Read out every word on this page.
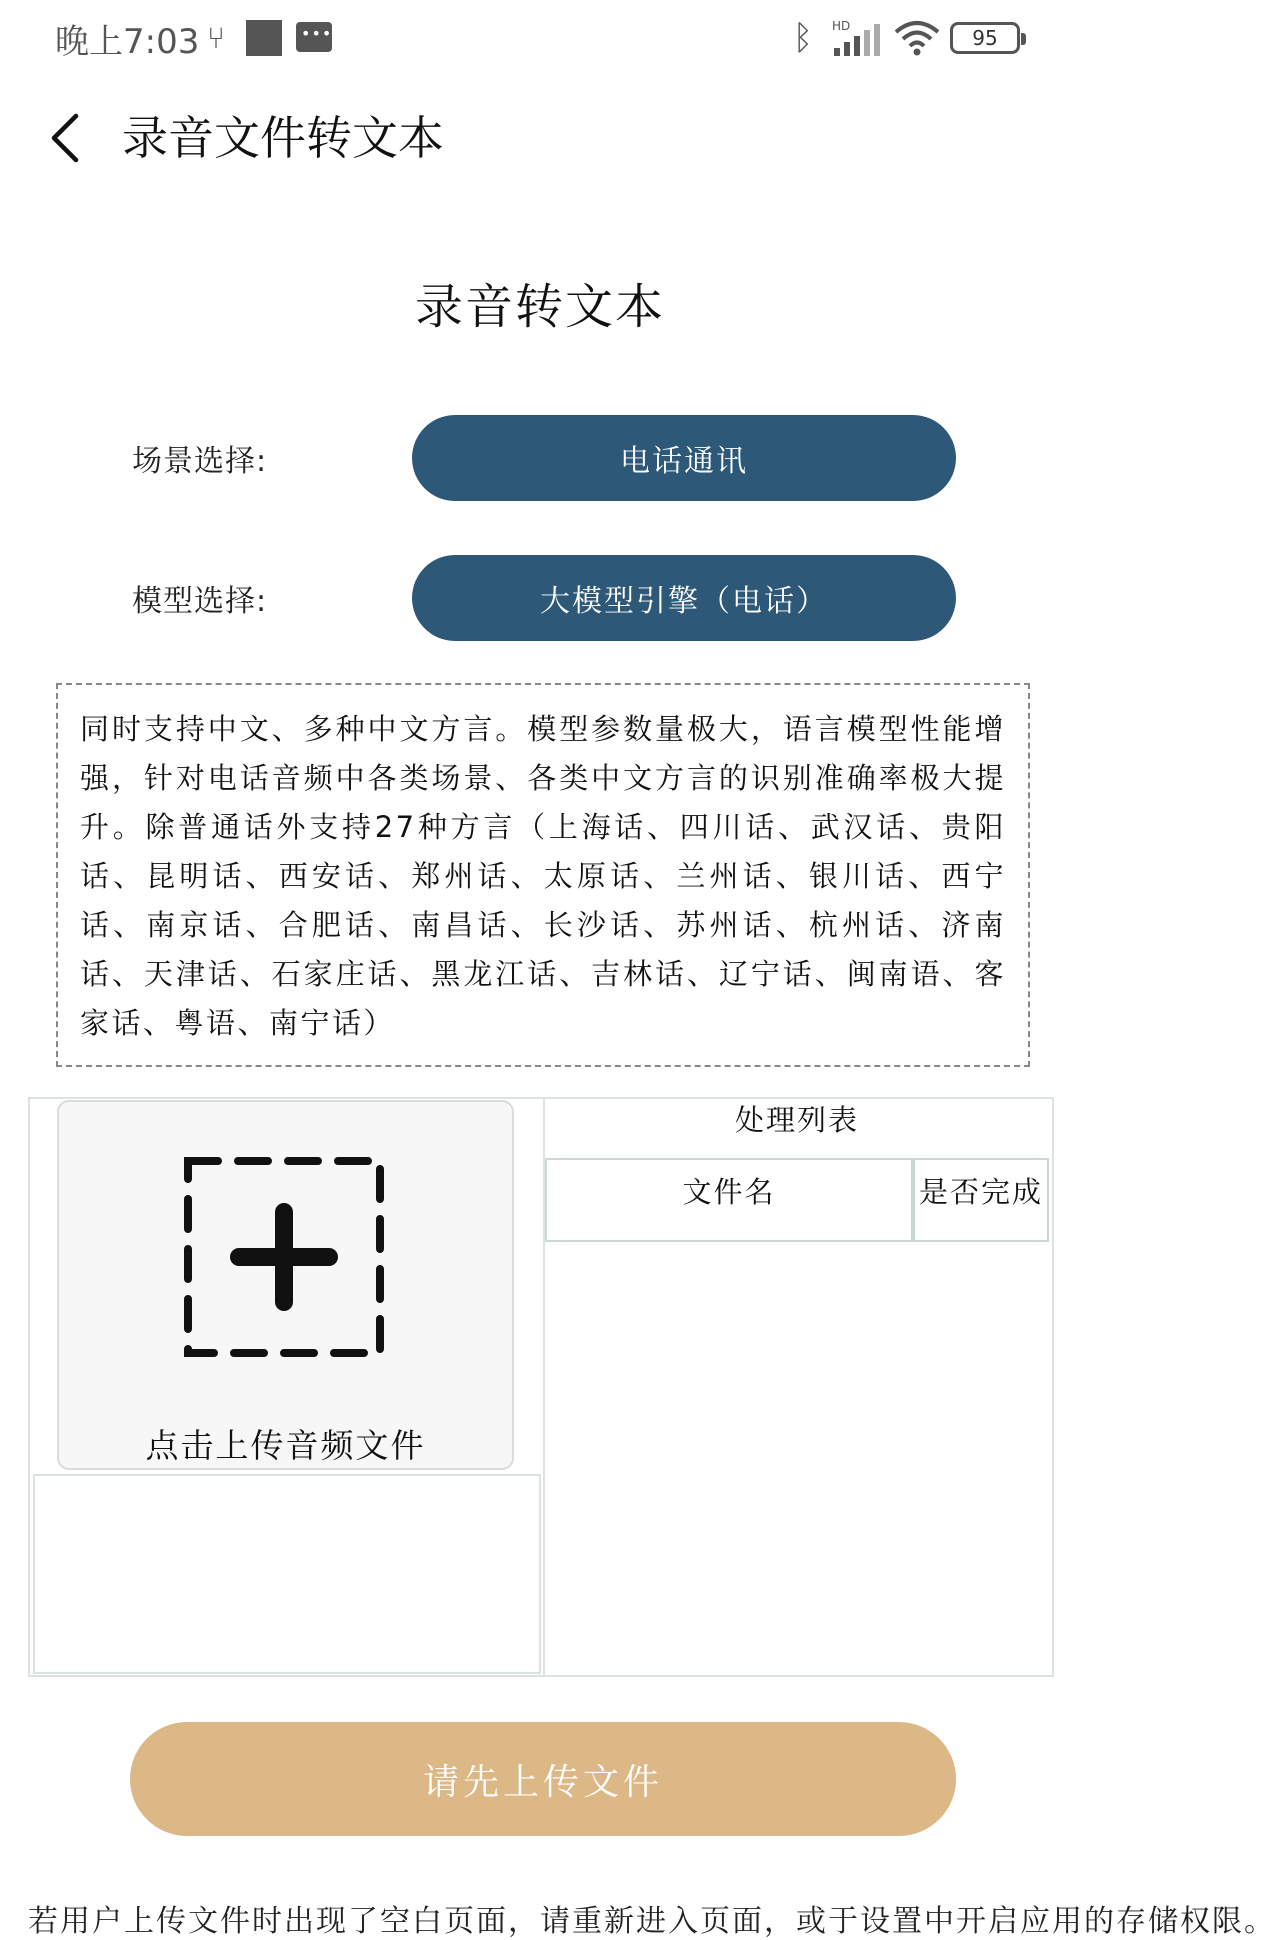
晚上7:03 ⑂
•••	ᛒ	HD	95
录音文件转文本
录音转文本
场景选择:	电话通讯
模型选择:	大模型引擎（电话）
同时支持中文、多种中文方言。模型参数量极大，语言模型性能增强，针对电话音频中各类场景、各类中文方言的识别准确率极大提升。除普通话外支持27种方言（上海话、四川话、武汉话、贵阳话、昆明话、西安话、郑州话、太原话、兰州话、银川话、西宁话、南京话、合肥话、南昌话、长沙话、苏州话、杭州话、济南话、天津话、石家庄话、黑龙江话、吉林话、辽宁话、闽南语、客家话、粤语、南宁话）
点击上传音频文件
处理列表
文件名	是否完成
请先上传文件
若用户上传文件时出现了空白页面，请重新进入页面，或于设置中开启应用的存储权限。
